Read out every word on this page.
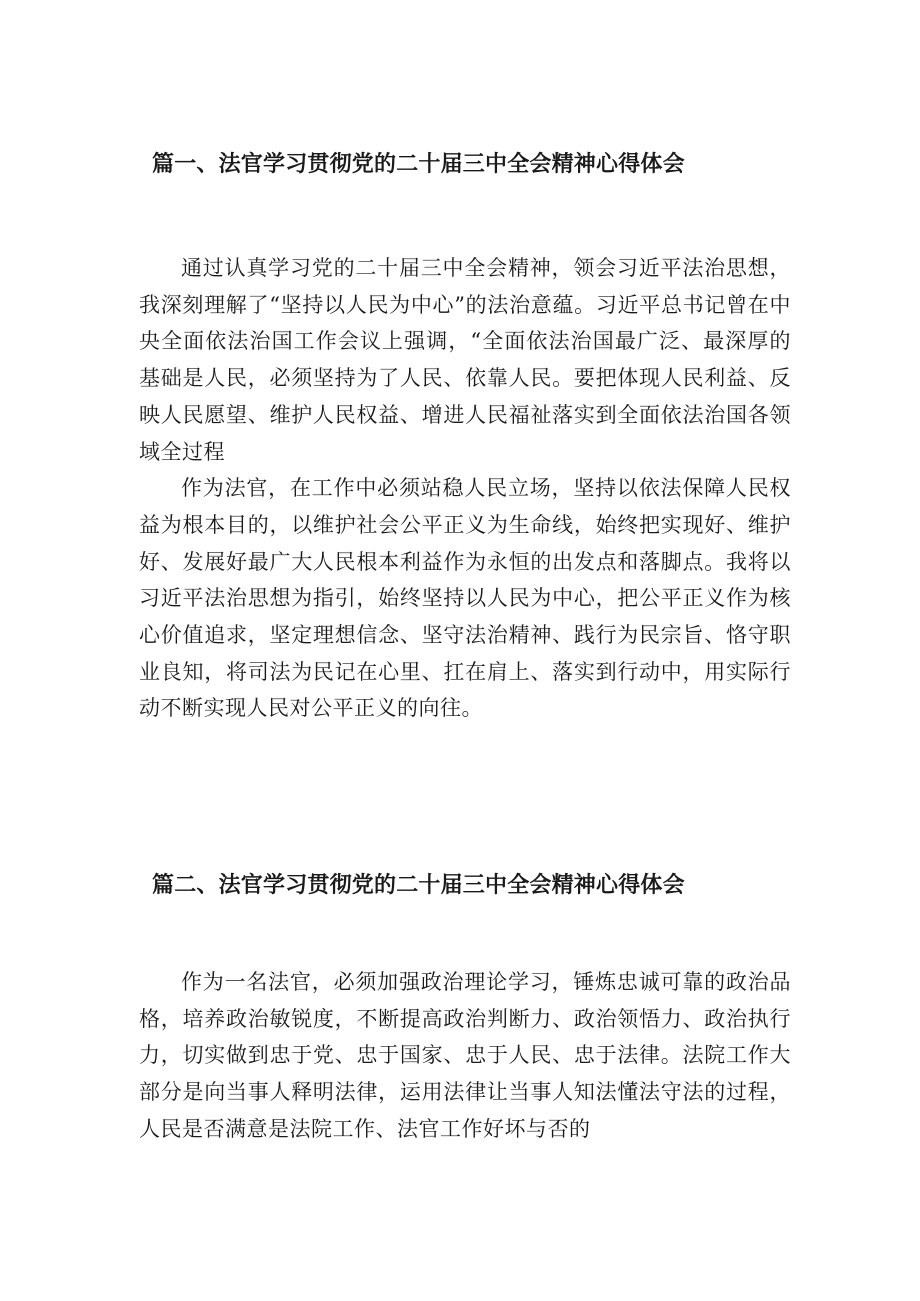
篇一、法官学习贯彻党的二十届三中全会精神心得体会

通过认真学习党的二十届三中全会精神，领会习近平法治思想，我深刻理解了“坚持以人民为中心”的法治意蕴。习近平总书记曾在中央全面依法治国工作会议上强调，“全面依法治国最广泛、最深厚的基础是人民，必须坚持为了人民、依靠人民。要把体现人民利益、反映人民愿望、维护人民权益、增进人民福祉落实到全面依法治国各领域全过程

作为法官，在工作中必须站稳人民立场，坚持以依法保障人民权益为根本目的，以维护社会公平正义为生命线，始终把实现好、维护好、发展好最广大人民根本利益作为永恒的出发点和落脚点。我将以习近平法治思想为指引，始终坚持以人民为中心，把公平正义作为核心价值追求，坚定理想信念、坚守法治精神、践行为民宗旨、恪守职业良知，将司法为民记在心里、扛在肩上、落实到行动中，用实际行动不断实现人民对公平正义的向往。

篇二、法官学习贯彻党的二十届三中全会精神心得体会

作为一名法官，必须加强政治理论学习，锤炼忠诚可靠的政治品格，培养政治敏锐度，不断提高政治判断力、政治领悟力、政治执行力，切实做到忠于党、忠于国家、忠于人民、忠于法律。法院工作大部分是向当事人释明法律，运用法律让当事人知法懂法守法的过程，人民是否满意是法院工作、法官工作好坏与否的
